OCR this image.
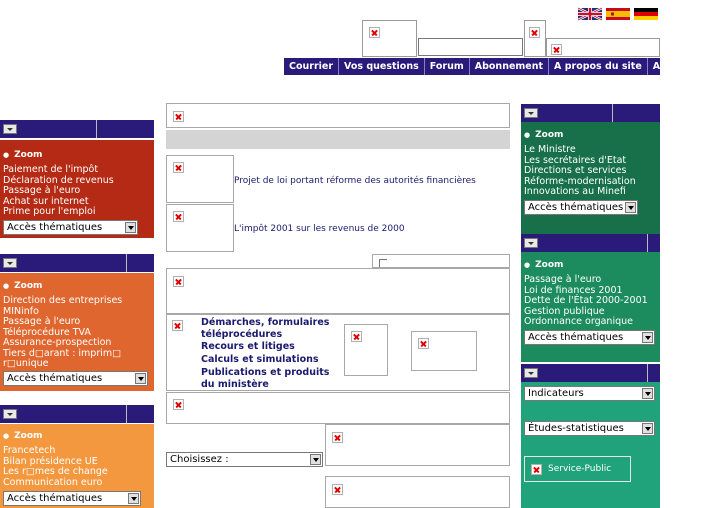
Courrier	Vos questions	Forum	Abonnement	A propos du site	Autres sites
● Zoom
Paiement de l'impôt
Déclaration de revenus
Passage à l'euro
Achat sur internet
Prime pour l'emploi
Accès thématiques
● Zoom
Direction des entreprises
MINinfo
Passage à l'euro
Téléprocédure TVA
Assurance-prospection
Tiers d□arant : imprim□
r□unique
Accès thématiques
● Zoom
Francetech
Bilan présidence UE
Les r□mes de change
Communication euro
Accès thématiques
Projet de loi portant réforme des autorités financières
L'impôt 2001 sur les revenus de 2000
Démarches, formulaires téléprocédures
Recours et litiges
Calculs et simulations
Publications et produits du ministère
Choisissez :
● Zoom
Le Ministre
Les secrétaires d'Etat
Directions et services
Réforme-modernisation
Innovations au Minefi
Accès thématiques
● Zoom
Passage à l'euro
Loi de finances 2001
Dette de l'État 2000-2001
Gestion publique
Ordonnance organique
Accès thématiques
Indicateurs
Études-statistiques
Service-Public
